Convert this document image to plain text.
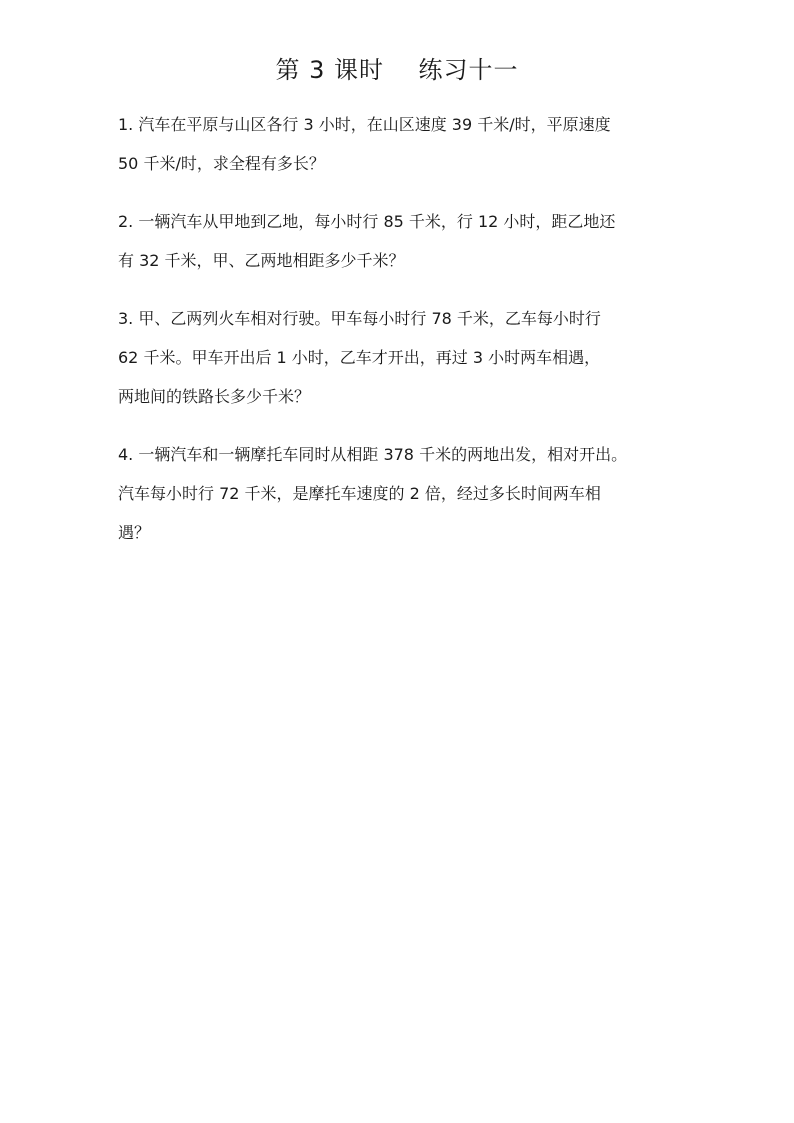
第 3 课时    练习十一
1. 汽车在平原与山区各行 3 小时，在山区速度 39 千米/时，平原速度
50 千米/时，求全程有多长？
2. 一辆汽车从甲地到乙地，每小时行 85 千米，行 12 小时，距乙地还
有 32 千米，甲、乙两地相距多少千米？
3. 甲、乙两列火车相对行驶。甲车每小时行 78 千米，乙车每小时行
62 千米。甲车开出后 1 小时，乙车才开出，再过 3 小时两车相遇，
两地间的铁路长多少千米？
4. 一辆汽车和一辆摩托车同时从相距 378 千米的两地出发，相对开出。
汽车每小时行 72 千米，是摩托车速度的 2 倍，经过多长时间两车相
遇？
